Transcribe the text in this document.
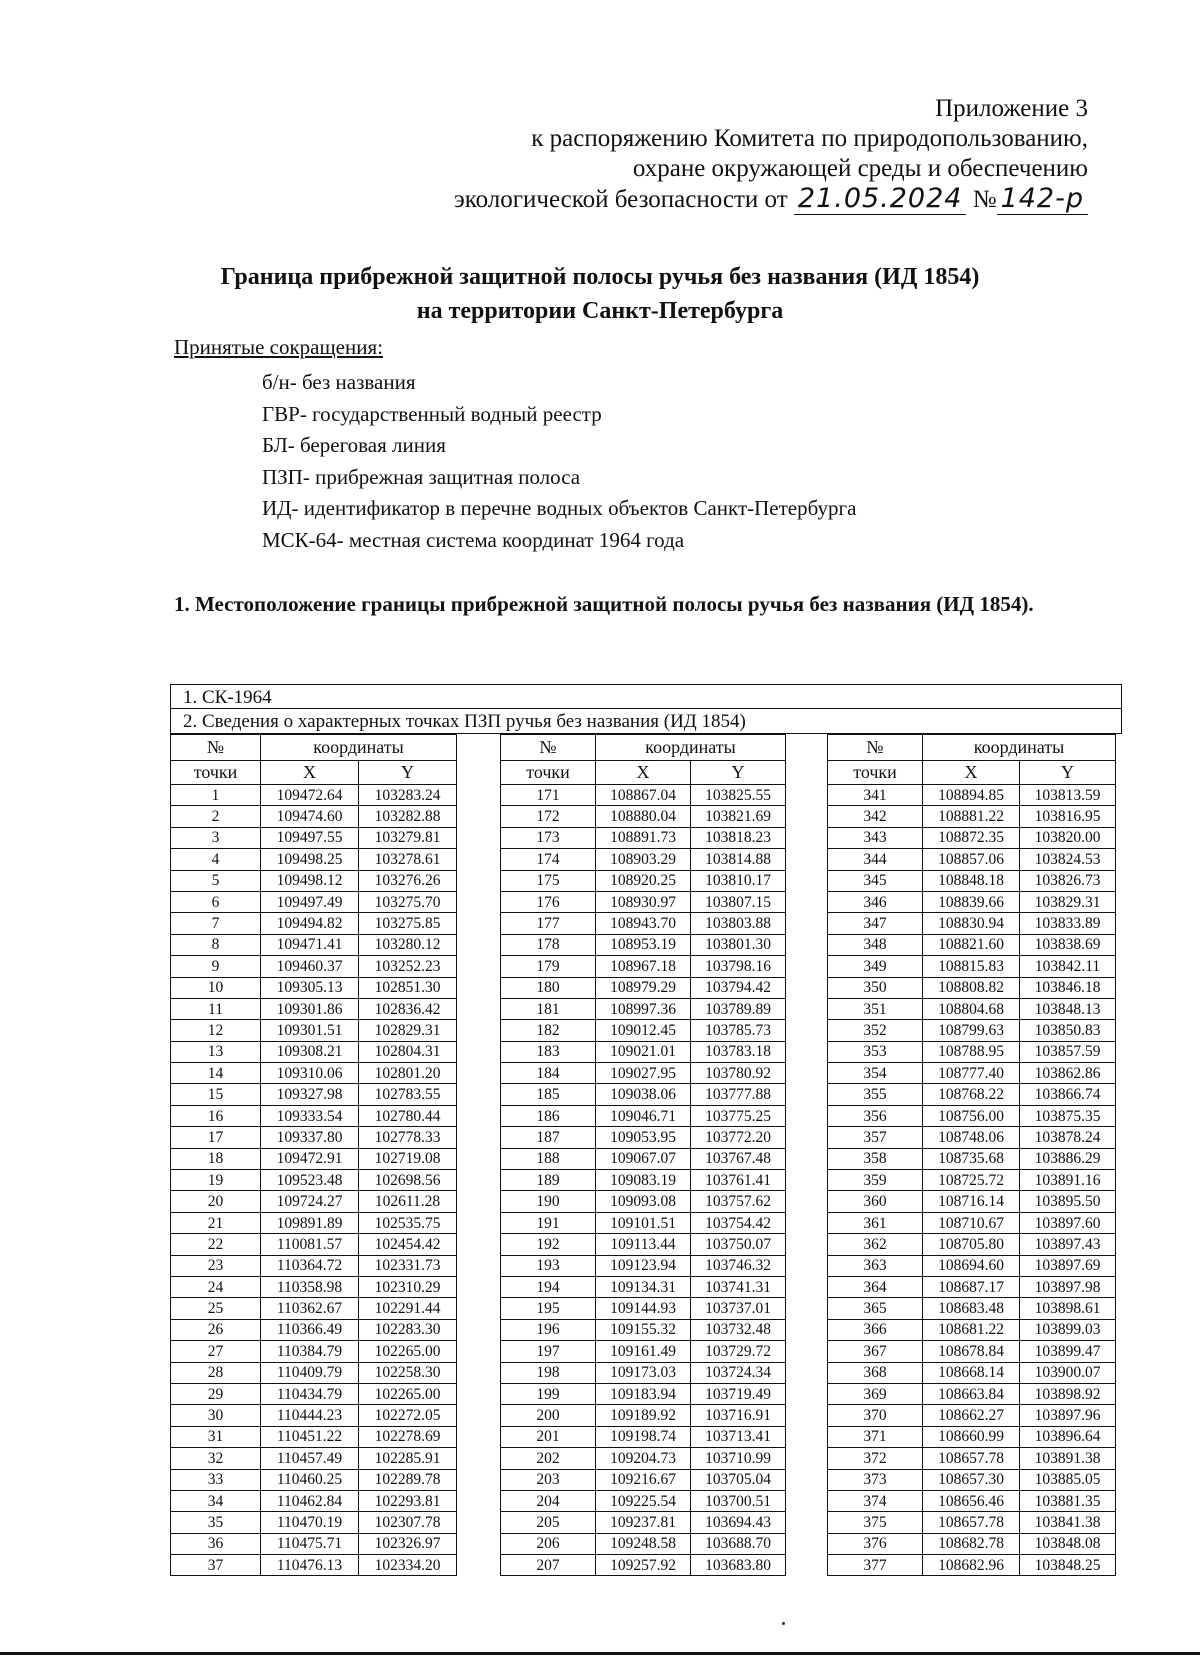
Приложение 3
к распоряжению Комитета по природопользованию,
охране окружающей среды и обеспечению
экологической безопасности от 21.05.2024 № 142-р
Граница прибрежной защитной полосы ручья без названия (ИД 1854)
на территории Санкт-Петербурга
Принятые сокращения:
б/н- без названия
ГВР- государственный водный реестр
БЛ- береговая линия
ПЗП- прибрежная защитная полоса
ИД- идентификатор в перечне водных объектов Санкт-Петербурга
МСК-64- местная система координат 1964 года
1. Местоположение границы прибрежной защитной полосы ручья без названия (ИД 1854).
1. СК-1964
2. Сведения о характерных точках ПЗП ручья без названия (ИД 1854)
№	координаты	
точки	X	Y
1	109472.64	103283.24
2	109474.60	103282.88
3	109497.55	103279.81
4	109498.25	103278.61
5	109498.12	103276.26
6	109497.49	103275.70
7	109494.82	103275.85
8	109471.41	103280.12
9	109460.37	103252.23
10	109305.13	102851.30
11	109301.86	102836.42
12	109301.51	102829.31
13	109308.21	102804.31
14	109310.06	102801.20
15	109327.98	102783.55
16	109333.54	102780.44
17	109337.80	102778.33
18	109472.91	102719.08
19	109523.48	102698.56
20	109724.27	102611.28
21	109891.89	102535.75
22	110081.57	102454.42
23	110364.72	102331.73
24	110358.98	102310.29
25	110362.67	102291.44
26	110366.49	102283.30
27	110384.79	102265.00
28	110409.79	102258.30
29	110434.79	102265.00
30	110444.23	102272.05
31	110451.22	102278.69
32	110457.49	102285.91
33	110460.25	102289.78
34	110462.84	102293.81
35	110470.19	102307.78
36	110475.71	102326.97
37	110476.13	102334.20
№	координаты	
точки	X	Y
171	108867.04	103825.55
172	108880.04	103821.69
173	108891.73	103818.23
174	108903.29	103814.88
175	108920.25	103810.17
176	108930.97	103807.15
177	108943.70	103803.88
178	108953.19	103801.30
179	108967.18	103798.16
180	108979.29	103794.42
181	108997.36	103789.89
182	109012.45	103785.73
183	109021.01	103783.18
184	109027.95	103780.92
185	109038.06	103777.88
186	109046.71	103775.25
187	109053.95	103772.20
188	109067.07	103767.48
189	109083.19	103761.41
190	109093.08	103757.62
191	109101.51	103754.42
192	109113.44	103750.07
193	109123.94	103746.32
194	109134.31	103741.31
195	109144.93	103737.01
196	109155.32	103732.48
197	109161.49	103729.72
198	109173.03	103724.34
199	109183.94	103719.49
200	109189.92	103716.91
201	109198.74	103713.41
202	109204.73	103710.99
203	109216.67	103705.04
204	109225.54	103700.51
205	109237.81	103694.43
206	109248.58	103688.70
207	109257.92	103683.80
№	координаты	
точки	X	Y
341	108894.85	103813.59
342	108881.22	103816.95
343	108872.35	103820.00
344	108857.06	103824.53
345	108848.18	103826.73
346	108839.66	103829.31
347	108830.94	103833.89
348	108821.60	103838.69
349	108815.83	103842.11
350	108808.82	103846.18
351	108804.68	103848.13
352	108799.63	103850.83
353	108788.95	103857.59
354	108777.40	103862.86
355	108768.22	103866.74
356	108756.00	103875.35
357	108748.06	103878.24
358	108735.68	103886.29
359	108725.72	103891.16
360	108716.14	103895.50
361	108710.67	103897.60
362	108705.80	103897.43
363	108694.60	103897.69
364	108687.17	103897.98
365	108683.48	103898.61
366	108681.22	103899.03
367	108678.84	103899.47
368	108668.14	103900.07
369	108663.84	103898.92
370	108662.27	103897.96
371	108660.99	103896.64
372	108657.78	103891.38
373	108657.30	103885.05
374	108656.46	103881.35
375	108657.78	103841.38
376	108682.78	103848.08
377	108682.96	103848.25
